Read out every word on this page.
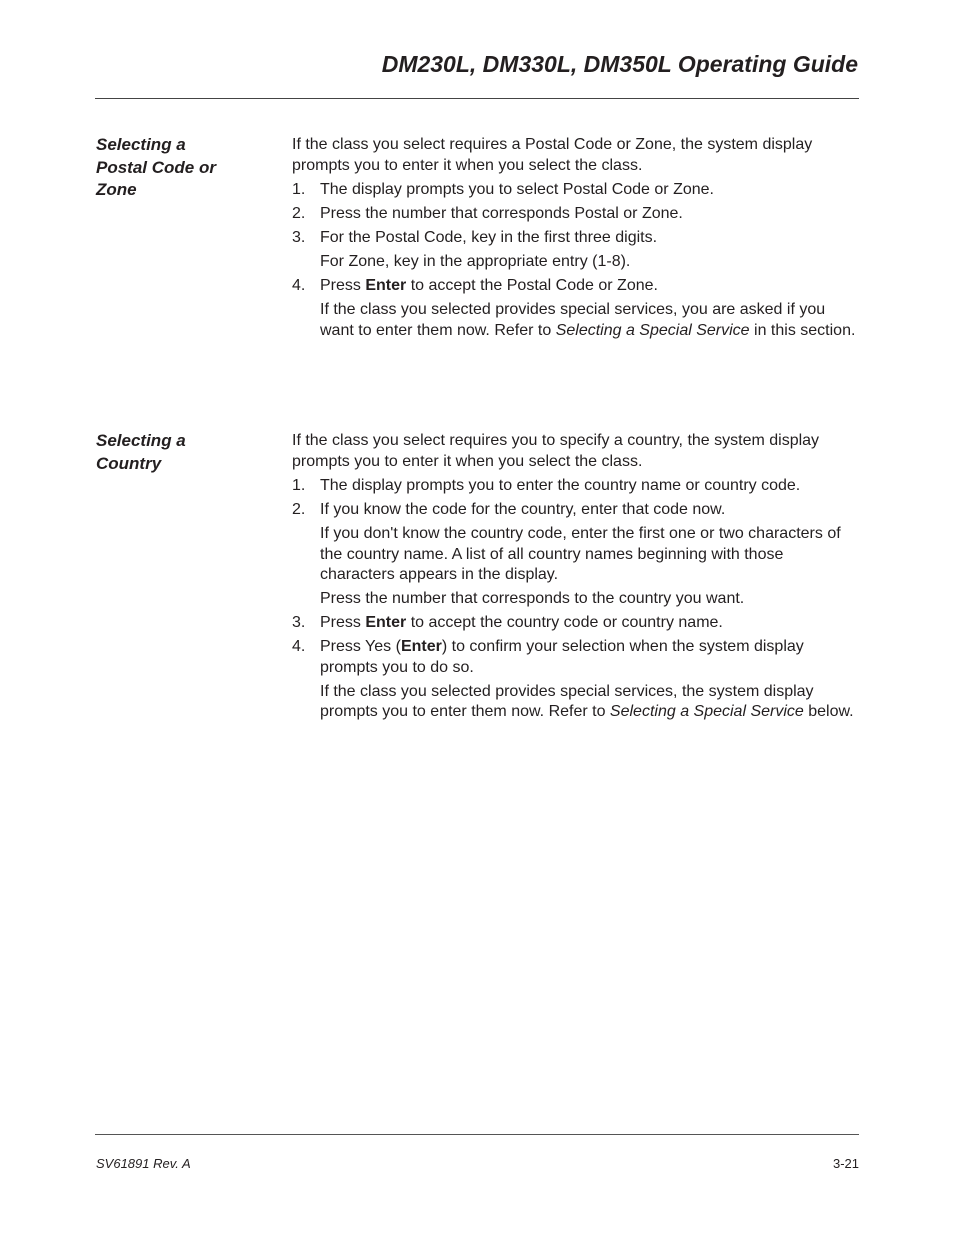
DM230L, DM330L, DM350L Operating Guide
Selecting a
Postal Code or
Zone

If the class you select requires a Postal Code or Zone, the system display prompts you to enter it when you select the class.

1. The display prompts you to select Postal Code or Zone.
2. Press the number that corresponds Postal or Zone.
3. For the Postal Code, key in the first three digits.
For Zone, key in the appropriate entry (1-8).
4. Press Enter to accept the Postal Code or Zone.
If the class you selected provides special services, you are asked if you want to enter them now. Refer to Selecting a Special Service in this section.
Selecting a
Country

If the class you select requires you to specify a country, the system display prompts you to enter it when you select the class.

1. The display prompts you to enter the country name or country code.
2. If you know the code for the country, enter that code now.
If you don't know the country code, enter the first one or two characters of the country name. A list of all country names beginning with those characters appears in the display.
Press the number that corresponds to the country you want.
3. Press Enter to accept the country code or country name.
4. Press Yes (Enter) to confirm your selection when the system display prompts you to do so.
If the class you selected provides special services, the system display prompts you to enter them now. Refer to Selecting a Special Service below.
SV61891 Rev. A	3-21
